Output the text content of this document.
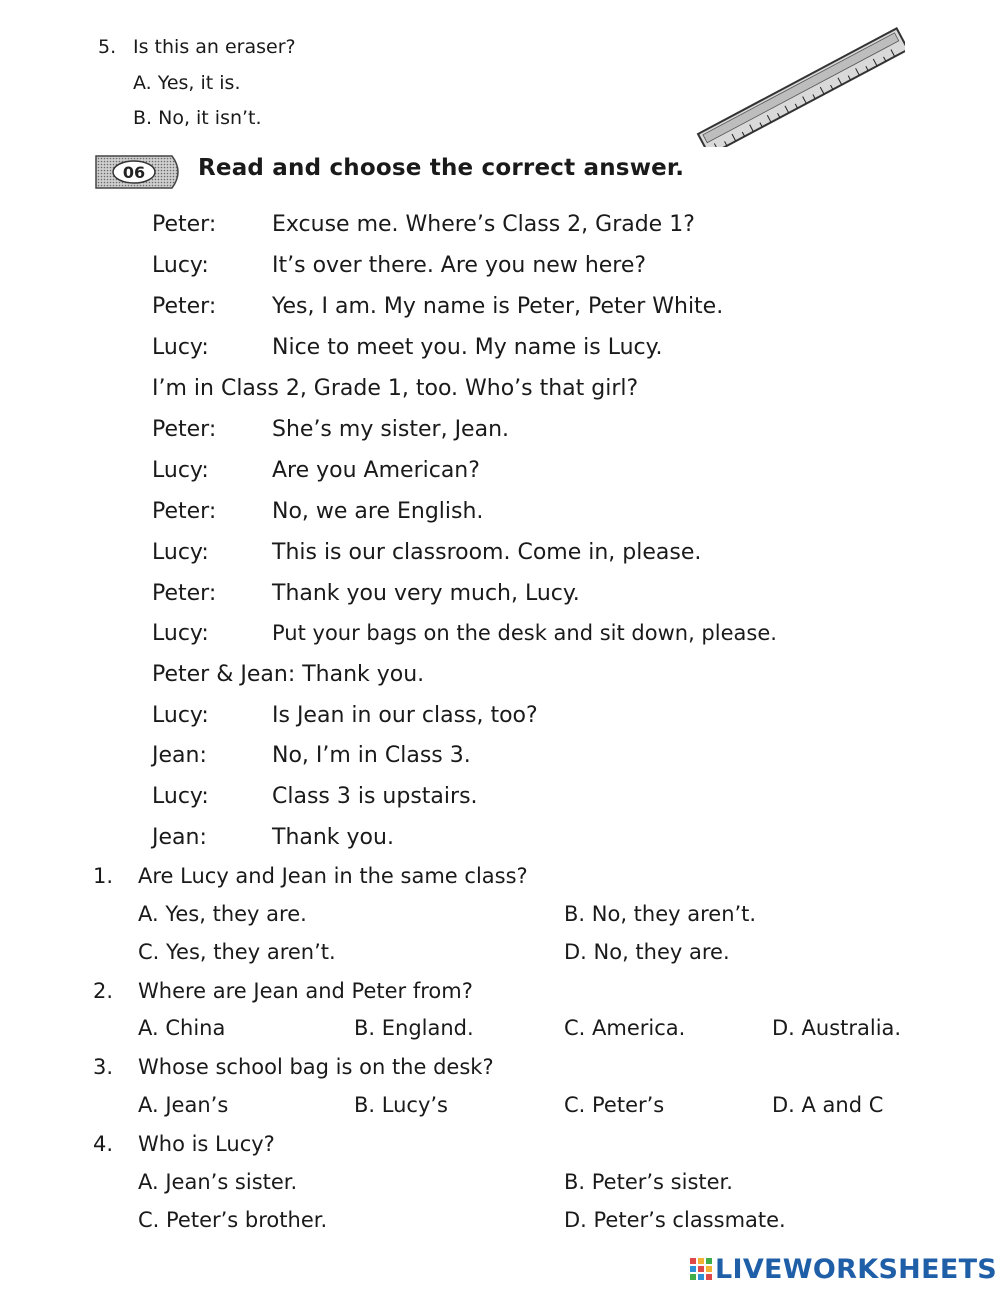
5. Is this an eraser?
A. Yes, it is.
B. No, it isn’t.
06 Read and choose the correct answer.
Peter:	Excuse me. Where’s Class 2, Grade 1?
Lucy:	It’s over there. Are you new here?
Peter:	Yes, I am. My name is Peter, Peter White.
Lucy:	Nice to meet you. My name is Lucy.
I’m in Class 2, Grade 1, too. Who’s that girl?
Peter:	She’s my sister, Jean.
Lucy:	Are you American?
Peter:	No, we are English.
Lucy:	This is our classroom. Come in, please.
Peter:	Thank you very much, Lucy.
Lucy:	Put your bags on the desk and sit down, please.
Peter & Jean: Thank you.
Lucy:	Is Jean in our class, too?
Jean:	No, I’m in Class 3.
Lucy:	Class 3 is upstairs.
Jean:	Thank you.
1. Are Lucy and Jean in the same class?
A. Yes, they are.	B. No, they aren’t.
C. Yes, they aren’t.	D. No, they are.
2. Where are Jean and Peter from?
A. China	B. England.	C. America.	D. Australia.
3. Whose school bag is on the desk?
A. Jean’s	B. Lucy’s	C. Peter’s	D. A and C
4. Who is Lucy?
A. Jean’s sister.	B. Peter’s sister.
C. Peter’s brother.	D. Peter’s classmate.
LIVEWORKSHEETS
